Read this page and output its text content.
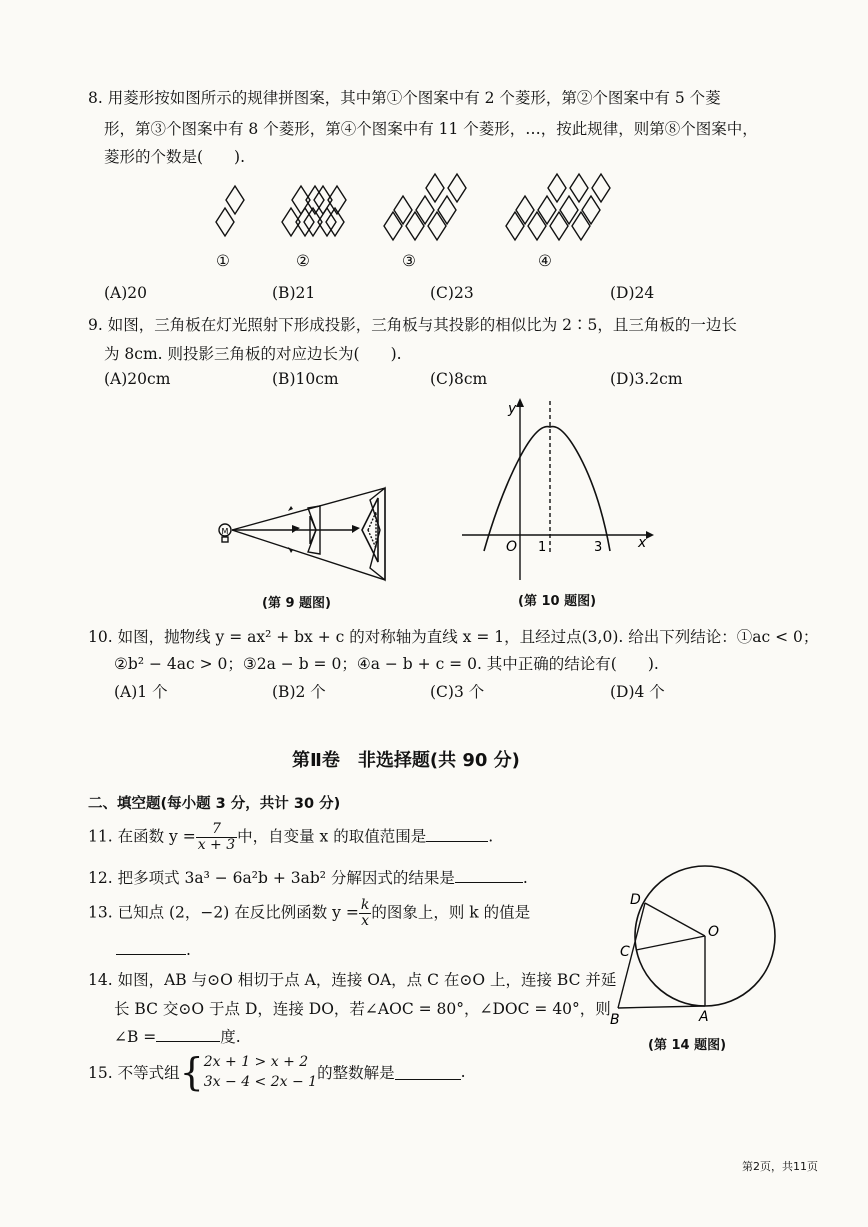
8. 用菱形按如图所示的规律拼图案，其中第①个图案中有 2 个菱形，第②个图案中有 5 个菱
形，第③个图案中有 8 个菱形，第④个图案中有 11 个菱形，…，按此规律，则第⑧个图案中，
菱形的个数是(　　).
①	②	③	④
(A)20	(B)21	(C)23	(D)24
9. 如图，三角板在灯光照射下形成投影，三角板与其投影的相似比为 2∶5，且三角板的一边长
为 8cm. 则投影三角板的对应边长为(　　).
(A)20cm	(B)10cm	(C)8cm	(D)3.2cm
M
(第 9 题图)
y
x
O 1	3
(第 10 题图)
10. 如图，抛物线 y = ax² + bx + c 的对称轴为直线 x = 1，且经过点(3,0). 给出下列结论：①ac < 0；
②b² − 4ac > 0；③2a − b = 0；④a − b + c = 0. 其中正确的结论有(　　).
(A)1 个	(B)2 个	(C)3 个	(D)4 个
第Ⅱ卷　非选择题(共 90 分)
二、填空题(每小题 3 分，共计 30 分)
11. 在函数 $y = \frac{7}{x + 3}$ 中，自变量 x 的取值范围是	.
12. 把多项式 3a³ − 6a²b + 3ab² 分解因式的结果是	.
13. 已知点 (2，−2) 在反比例函数 $y = \frac{k}{x}$ 的图象上，则 k 的值是
.
14. 如图，AB 与⊙O 相切于点 A，连接 OA，点 C 在⊙O 上，连接 BC 并延
长 BC 交⊙O 于点 D，连接 DO，若∠AOC = 80°，∠DOC = 40°，则
∠B =	度.
D
C
O
B	A
(第 14 题图)
15. 不等式组{ 2x + 1 > x + 2
3x − 4 < 2x − 1 的整数解是	.
第2页，共11页
